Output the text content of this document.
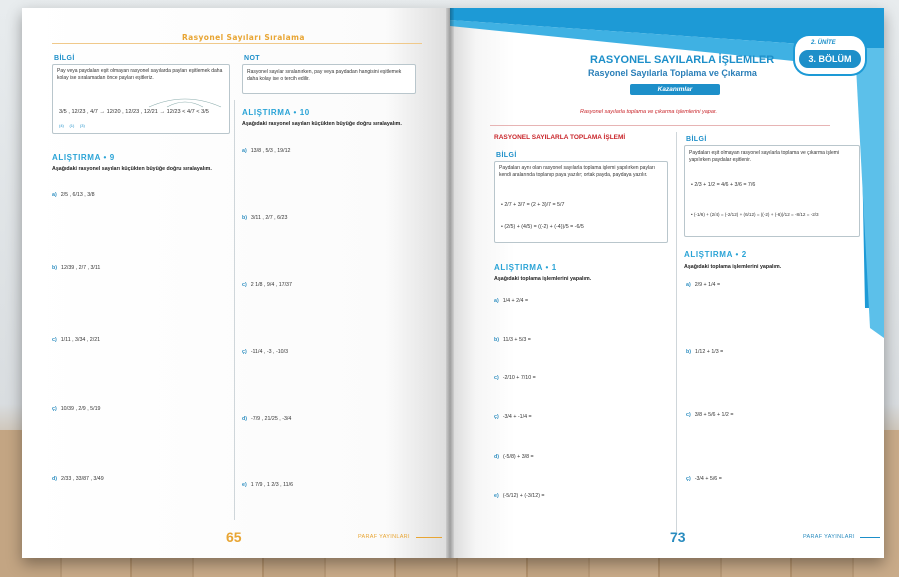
Rasyonel Sayıları Sıralama
BİLGİ
Pay veya paydaları eşit olmayan rasyonel sayılarda payları eşitlemek daha kolay ise sıralamadan önce payları eşitleriz.
3/5 , 12/23 , 4/7 → 12/20 , 12/23 , 12/21 → 12/23 < 4/7 < 3/5
(4) (1) (3)
NOT
Rasyonel sayılar sıralanırken, pay veya paydadan hangisini eşitlemek daha kolay ise o tercih edilir.
ALIŞTIRMA • 9
Aşağıdaki rasyonel sayıları küçükten büyüğe doğru sıralayalım.
a) 2/5 , 6/13 , 3/8
b) 12/39 , 2/7 , 3/11
c) 1/11 , 3/34 , 2/21
ç) 10/39 , 2/9 , 5/19
d) 2/33 , 33/87 , 3/49
ALIŞTIRMA • 10
Aşağıdaki rasyonel sayıları küçükten büyüğe doğru sıralayalım.
a) 13/8 , 5/3 , 19/12
b) 3/11 , 2/7 , 6/23
c) 2 1/8 , 9/4 , 17/37
ç) -11/4 , -3 , -10/3
d) -7/9 , 21/25 , -3/4
e) 1 7/9 , 1 2/3 , 11/6
65	PARAF YAYINLARI
2. ÜNİTE
3. BÖLÜM
RASYONEL SAYILARLA İŞLEMLER
Rasyonel Sayılarla Toplama ve Çıkarma
Kazanımlar
Rasyonel sayılarla toplama ve çıkarma işlemlerini yapar.
RASYONEL SAYILARLA TOPLAMA İŞLEMİ
BİLGİ
Paydaları aynı olan rasyonel sayılarla toplama işlemi yapılırken payları kendi aralarında toplanıp paya yazılır; ortak payda, paydaya yazılır.
• 2/7 + 3/7 = (2 + 3)/7 = 5/7
• (2/5) + (4/5) = ((-2) + (-4))/5 = -6/5
BİLGİ
Paydaları eşit olmayan rasyonel sayılarla toplama ve çıkarma işlemi yapılırken paydalar eşitlenir.
• 2/3 + 1/2 = 4/6 + 3/6 = 7/6
• (-1/6) + (2/4) = (-2/12) + (6/12) = ((-2) + (-6))/12 = -8/12 = -2/3
ALIŞTIRMA • 1
Aşağıdaki toplama işlemlerini yapalım.
a) 1/4 + 2/4 =
b) 11/3 + 5/3 =
c) -2/10 + 7/10 =
ç) -3/4 + -1/4 =
d) (-5/8) + 3/8 =
e) (-5/12) + (-3/12) =
ALIŞTIRMA • 2
Aşağıdaki toplama işlemlerini yapalım.
a) 2/9 + 1/4 =
b) 1/12 + 1/3 =
c) 3/8 + 5/6 + 1/2 =
ç) -3/4 + 5/6 =
73	PARAF YAYINLARI
